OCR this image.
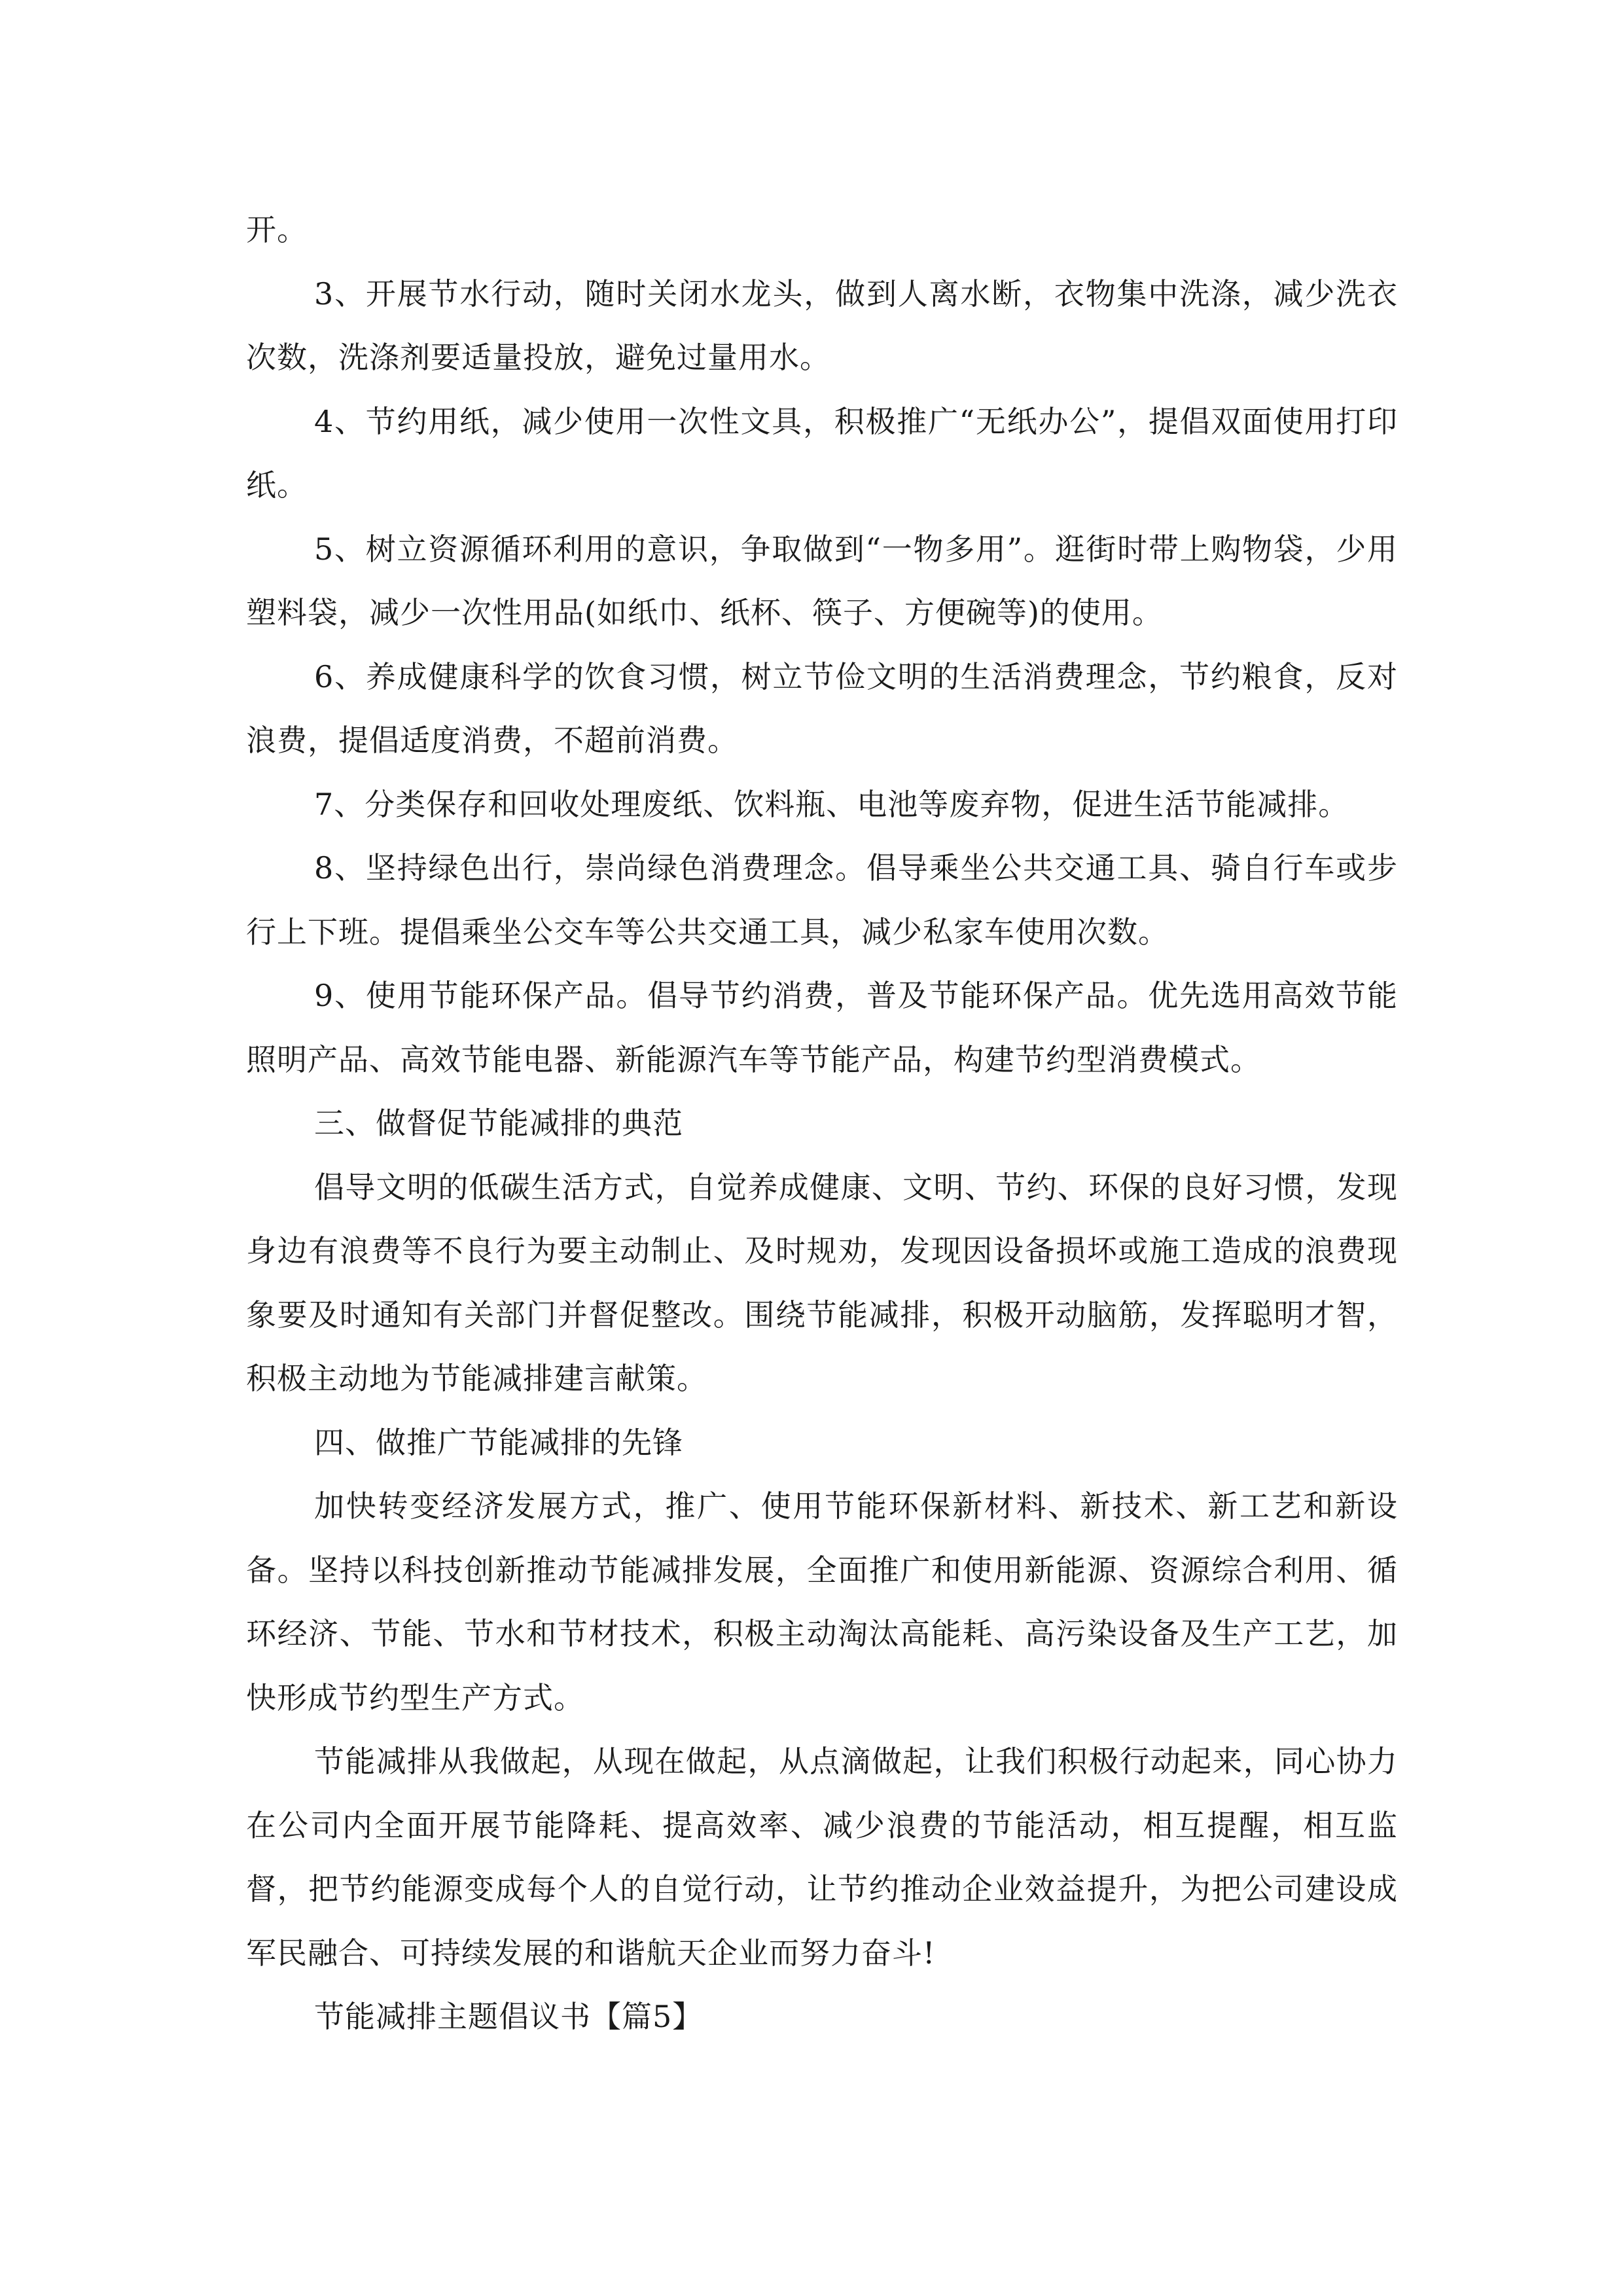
开。

3、开展节水行动，随时关闭水龙头，做到人离水断，衣物集中洗涤，减少洗衣次数，洗涤剂要适量投放，避免过量用水。

4、节约用纸，减少使用一次性文具，积极推广“无纸办公”，提倡双面使用打印纸。

5、树立资源循环利用的意识，争取做到“一物多用”。逛街时带上购物袋，少用塑料袋，减少一次性用品(如纸巾、纸杯、筷子、方便碗等)的使用。

6、养成健康科学的饮食习惯，树立节俭文明的生活消费理念，节约粮食，反对浪费，提倡适度消费，不超前消费。

7、分类保存和回收处理废纸、饮料瓶、电池等废弃物，促进生活节能减排。

8、坚持绿色出行，崇尚绿色消费理念。倡导乘坐公共交通工具、骑自行车或步行上下班。提倡乘坐公交车等公共交通工具，减少私家车使用次数。

9、使用节能环保产品。倡导节约消费，普及节能环保产品。优先选用高效节能照明产品、高效节能电器、新能源汽车等节能产品，构建节约型消费模式。

三、做督促节能减排的典范

倡导文明的低碳生活方式，自觉养成健康、文明、节约、环保的良好习惯，发现身边有浪费等不良行为要主动制止、及时规劝，发现因设备损坏或施工造成的浪费现象要及时通知有关部门并督促整改。围绕节能减排，积极开动脑筋，发挥聪明才智，积极主动地为节能减排建言献策。

四、做推广节能减排的先锋

加快转变经济发展方式，推广、使用节能环保新材料、新技术、新工艺和新设备。坚持以科技创新推动节能减排发展，全面推广和使用新能源、资源综合利用、循环经济、节能、节水和节材技术，积极主动淘汰高能耗、高污染设备及生产工艺，加快形成节约型生产方式。

节能减排从我做起，从现在做起，从点滴做起，让我们积极行动起来，同心协力在公司内全面开展节能降耗、提高效率、减少浪费的节能活动，相互提醒，相互监督，把节约能源变成每个人的自觉行动，让节约推动企业效益提升，为把公司建设成军民融合、可持续发展的和谐航天企业而努力奋斗!

节能减排主题倡议书【篇5】
